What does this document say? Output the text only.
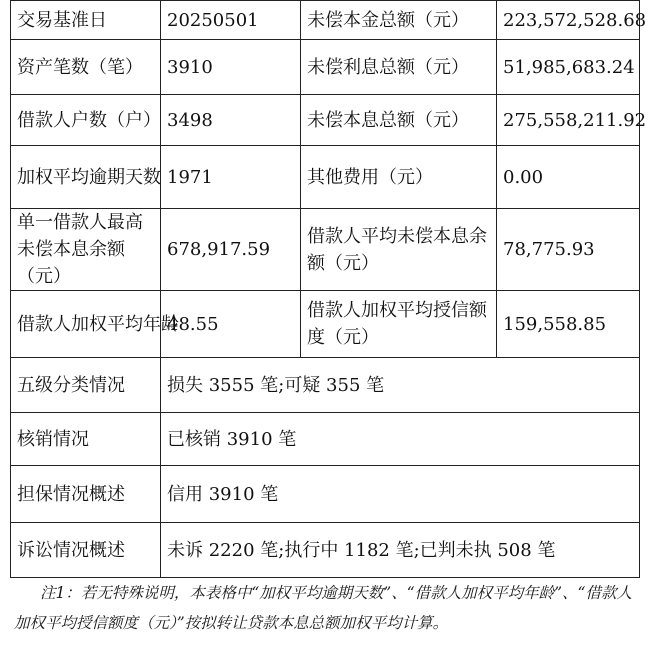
交易基准日	20250501	未偿本金总额（元）	223,572,528.68
资产笔数（笔）	3910	未偿利息总额（元）	51,985,683.24
借款人户数（户）	3498	未偿本息总额（元）	275,558,211.92
加权平均逾期天数	1971	其他费用（元）	0.00
单一借款人最高未偿本息余额（元）	678,917.59	借款人平均未偿本息余额（元）	78,775.93
借款人加权平均年龄	48.55	借款人加权平均授信额度（元）	159,558.85
五级分类情况	损失 3555 笔;可疑 355 笔		
核销情况	已核销 3910 笔		
担保情况概述	信用 3910 笔		
诉讼情况概述	未诉 2220 笔;执行中 1182 笔;已判未执 508 笔		
注1：若无特殊说明，本表格中“加权平均逾期天数”、“借款人加权平均年龄”、“借款人加权平均授信额度（元）”按拟转让贷款本息总额加权平均计算。
